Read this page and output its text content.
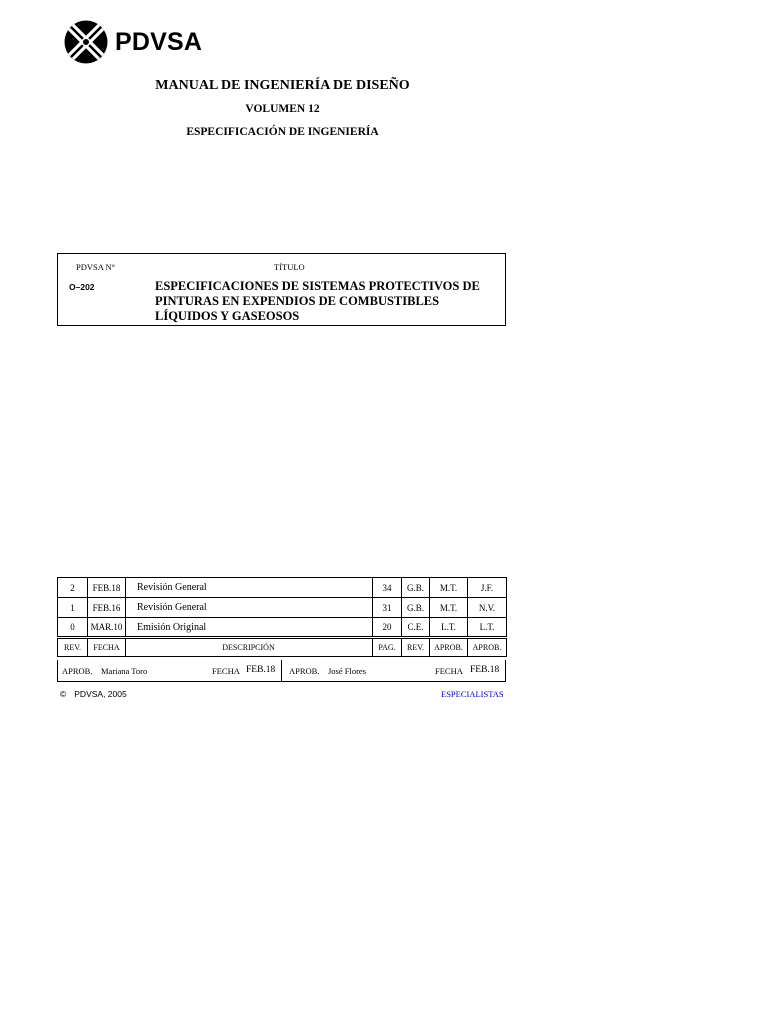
PDVSA
MANUAL DE INGENIERÍA DE DISEÑO
VOLUMEN 12
ESPECIFICACIÓN DE INGENIERÍA
PDVSA N°	TÍTULO
O–202	ESPECIFICACIONES DE SISTEMAS PROTECTIVOS DE PINTURAS EN EXPENDIOS DE COMBUSTIBLES LÍQUIDOS Y GASEOSOS
2	FEB.18	Revisión General	34	G.B.	M.T.	J.F.
1	FEB.16	Revisión General	31	G.B.	M.T.	N.V.
0	MAR.10	Emisión Original	20	C.E.	L.T.	L.T.
REV.	FECHA	DESCRIPCIÓN	PAG.	REV.	APROB.	APROB.
APROB. Mariana Toro	FECHA FEB.18 APROB. José Flores	FECHA FEB.18
© PDVSA, 2005	ESPECIALISTAS
